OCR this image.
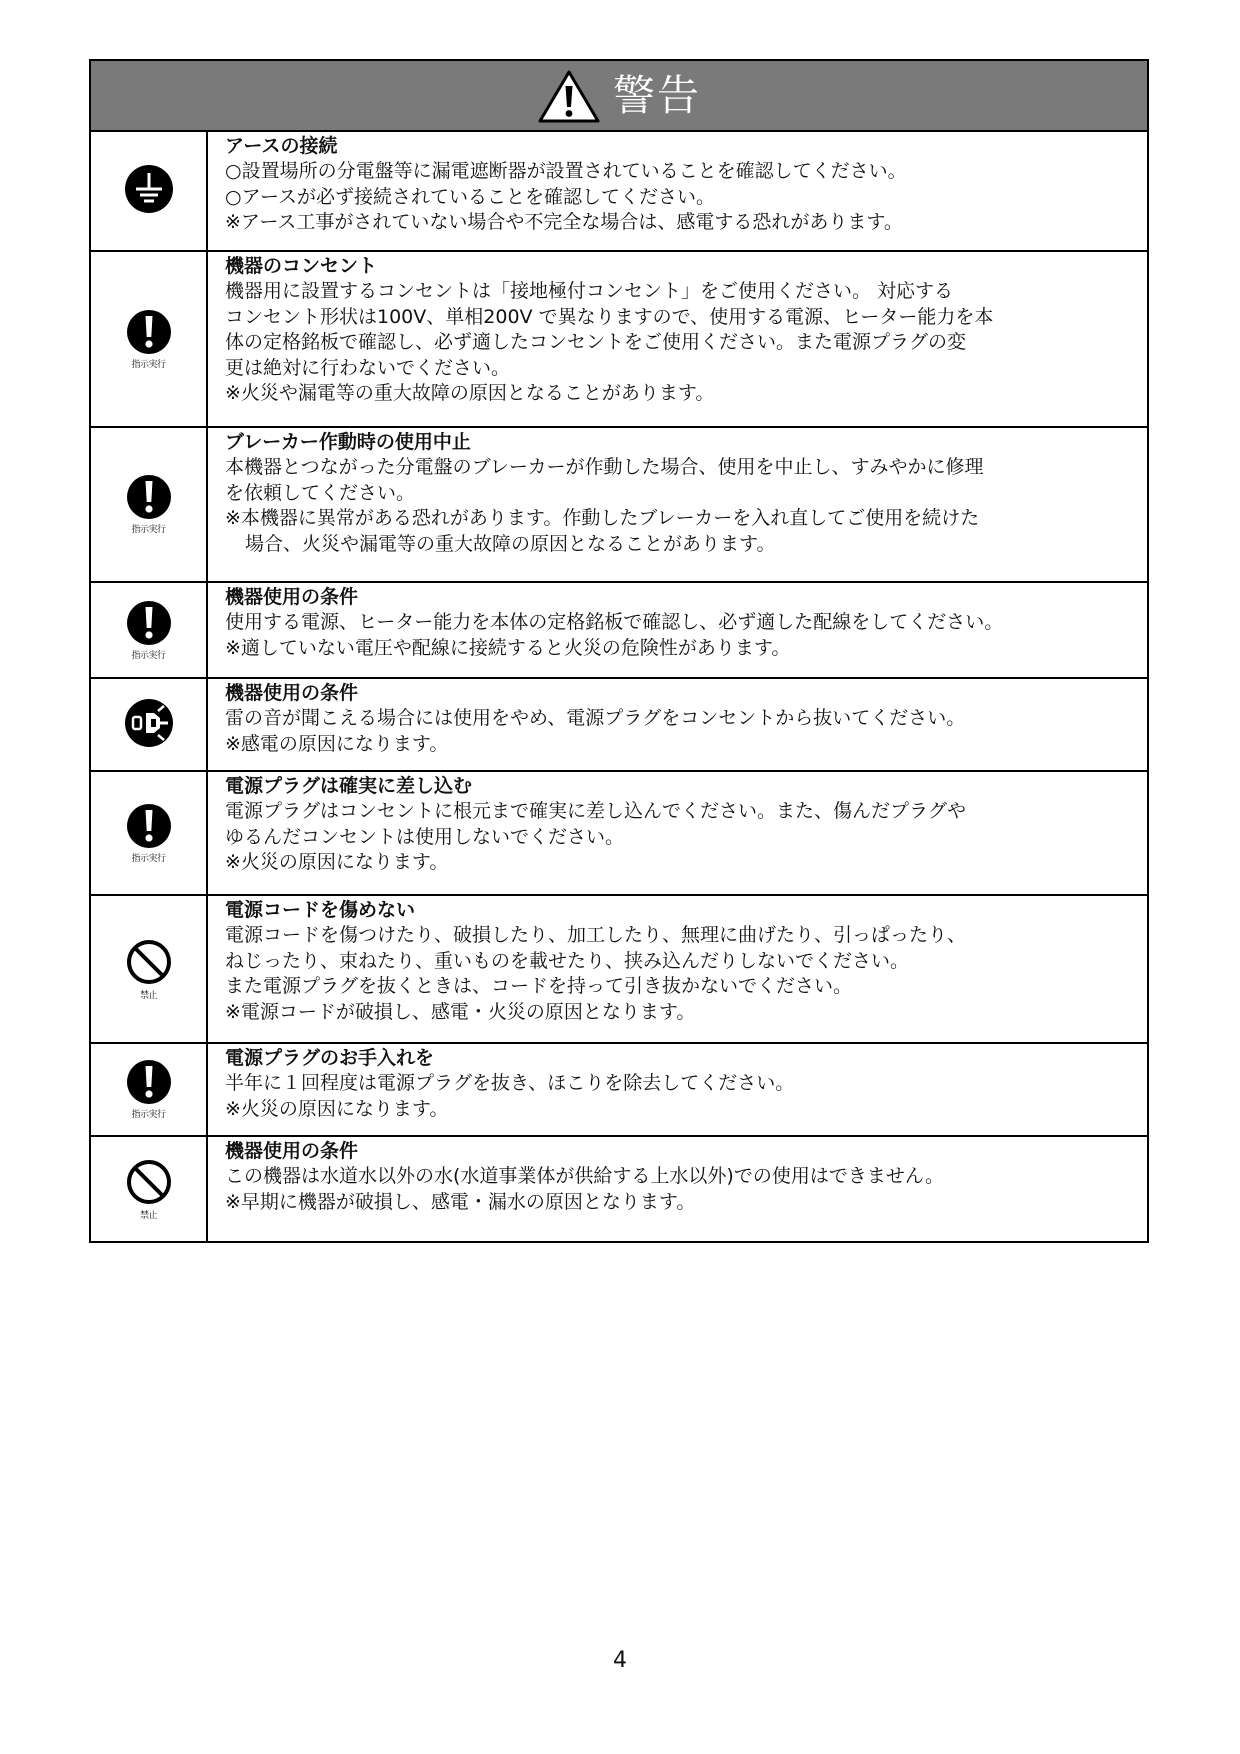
警告

アースの接続

○設置場所の分電盤等に漏電遮断器が設置されていることを確認してください。

○アースが必ず接続されていることを確認してください。

※アース工事がされていない場合や不完全な場合は、感電する恐れがあります。

指示実行

機器のコンセント

機器用に設置するコンセントは「接地極付コンセント」をご使用ください。 対応する

コンセント形状は100V、単相200V で異なりますので、使用する電源、ヒーター能力を本

体の定格銘板で確認し、必ず適したコンセントをご使用ください。また電源プラグの変

更は絶対に行わないでください。

※火災や漏電等の重大故障の原因となることがあります。

指示実行

ブレーカー作動時の使用中止

本機器とつながった分電盤のブレーカーが作動した場合、使用を中止し、すみやかに修理

を依頼してください。

※本機器に異常がある恐れがあります。作動したブレーカーを入れ直してご使用を続けた

場合、火災や漏電等の重大故障の原因となることがあります。

指示実行

機器使用の条件

使用する電源、ヒーター能力を本体の定格銘板で確認し、必ず適した配線をしてください。

※適していない電圧や配線に接続すると火災の危険性があります。

機器使用の条件

雷の音が聞こえる場合には使用をやめ、電源プラグをコンセントから抜いてください。

※感電の原因になります。

指示実行

電源プラグは確実に差し込む

電源プラグはコンセントに根元まで確実に差し込んでください。また、傷んだプラグや

ゆるんだコンセントは使用しないでください。

※火災の原因になります。

禁止

電源コードを傷めない

電源コードを傷つけたり、破損したり、加工したり、無理に曲げたり、引っぱったり、

ねじったり、束ねたり、重いものを載せたり、挟み込んだりしないでください。

また電源プラグを抜くときは、コードを持って引き抜かないでください。

※電源コードが破損し、感電・火災の原因となります。

指示実行

電源プラグのお手入れを

半年に１回程度は電源プラグを抜き、ほこりを除去してください。

※火災の原因になります。

禁止

機器使用の条件

この機器は水道水以外の水(水道事業体が供給する上水以外)での使用はできません。

※早期に機器が破損し、感電・漏水の原因となります。

4
